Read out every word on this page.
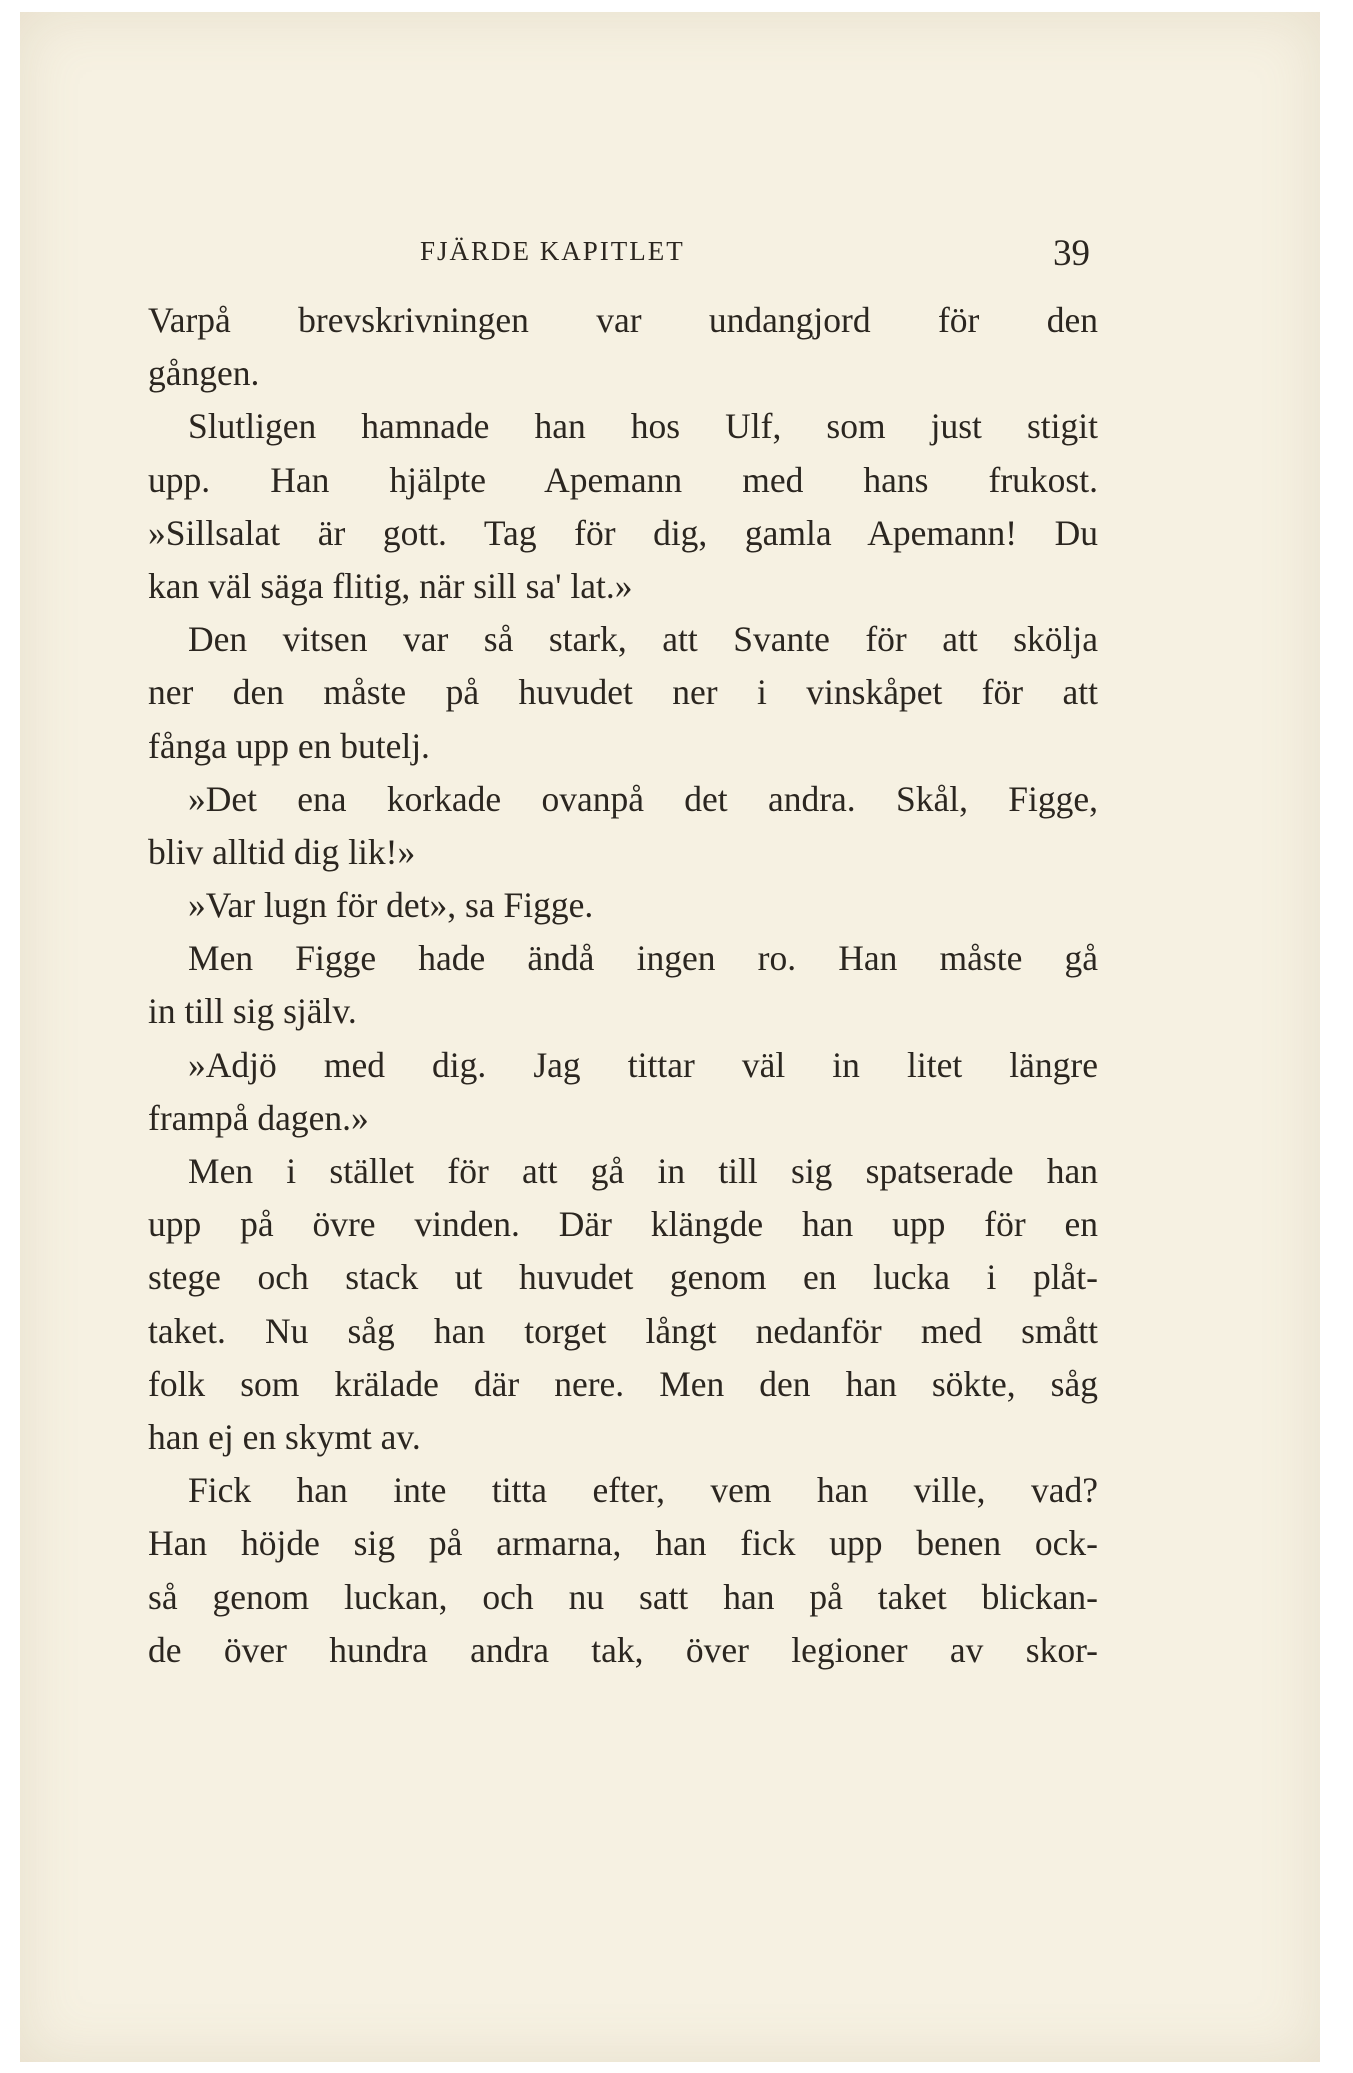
FJÄRDE KAPITLET	39
Varpå brevskrivningen var undangjord för den
gången.
Slutligen hamnade han hos Ulf, som just stigit
upp. Han hjälpte Apemann med hans frukost.
»Sillsalat är gott. Tag för dig, gamla Apemann! Du
kan väl säga flitig, när sill sa' lat.»
Den vitsen var så stark, att Svante för att skölja
ner den måste på huvudet ner i vinskåpet för att
fånga upp en butelj.
»Det ena korkade ovanpå det andra. Skål, Figge,
bliv alltid dig lik!»
»Var lugn för det», sa Figge.
Men Figge hade ändå ingen ro. Han måste gå
in till sig själv.
»Adjö med dig. Jag tittar väl in litet längre
frampå dagen.»
Men i stället för att gå in till sig spatserade han
upp på övre vinden. Där klängde han upp för en
stege och stack ut huvudet genom en lucka i plåt-
taket. Nu såg han torget långt nedanför med smått
folk som krälade där nere. Men den han sökte, såg
han ej en skymt av.
Fick han inte titta efter, vem han ville, vad?
Han höjde sig på armarna, han fick upp benen ock-
så genom luckan, och nu satt han på taket blickan-
de över hundra andra tak, över legioner av skor-
